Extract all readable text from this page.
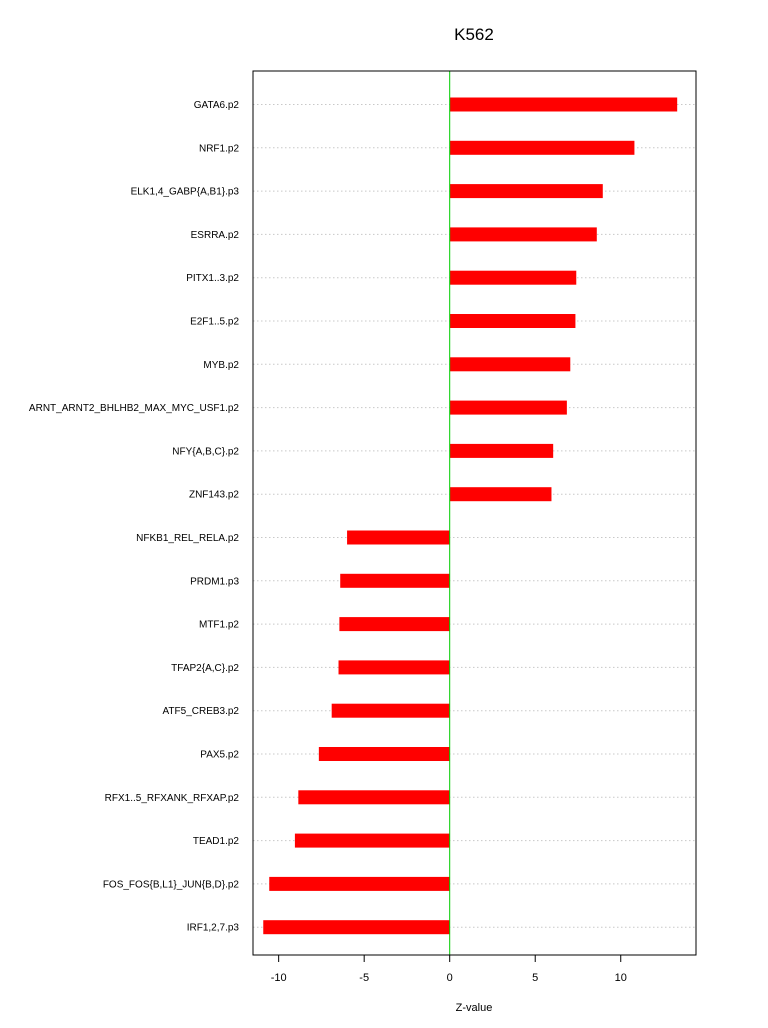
K562
GATA6.p2
NRF1.p2
ELK1,4_GABP{A,B1}.p3
ESRRA.p2
PITX1..3.p2
E2F1..5.p2
MYB.p2
ARNT_ARNT2_BHLHB2_MAX_MYC_USF1.p2
NFY{A,B,C}.p2
ZNF143.p2
NFKB1_REL_RELA.p2
PRDM1.p3
MTF1.p2
TFAP2{A,C}.p2
ATF5_CREB3.p2
PAX5.p2
RFX1..5_RFXANK_RFXAP.p2
TEAD1.p2
FOS_FOS{B,L1}_JUN{B,D}.p2
IRF1,2,7.p3
-10	-5	0	5	10
Z-value
